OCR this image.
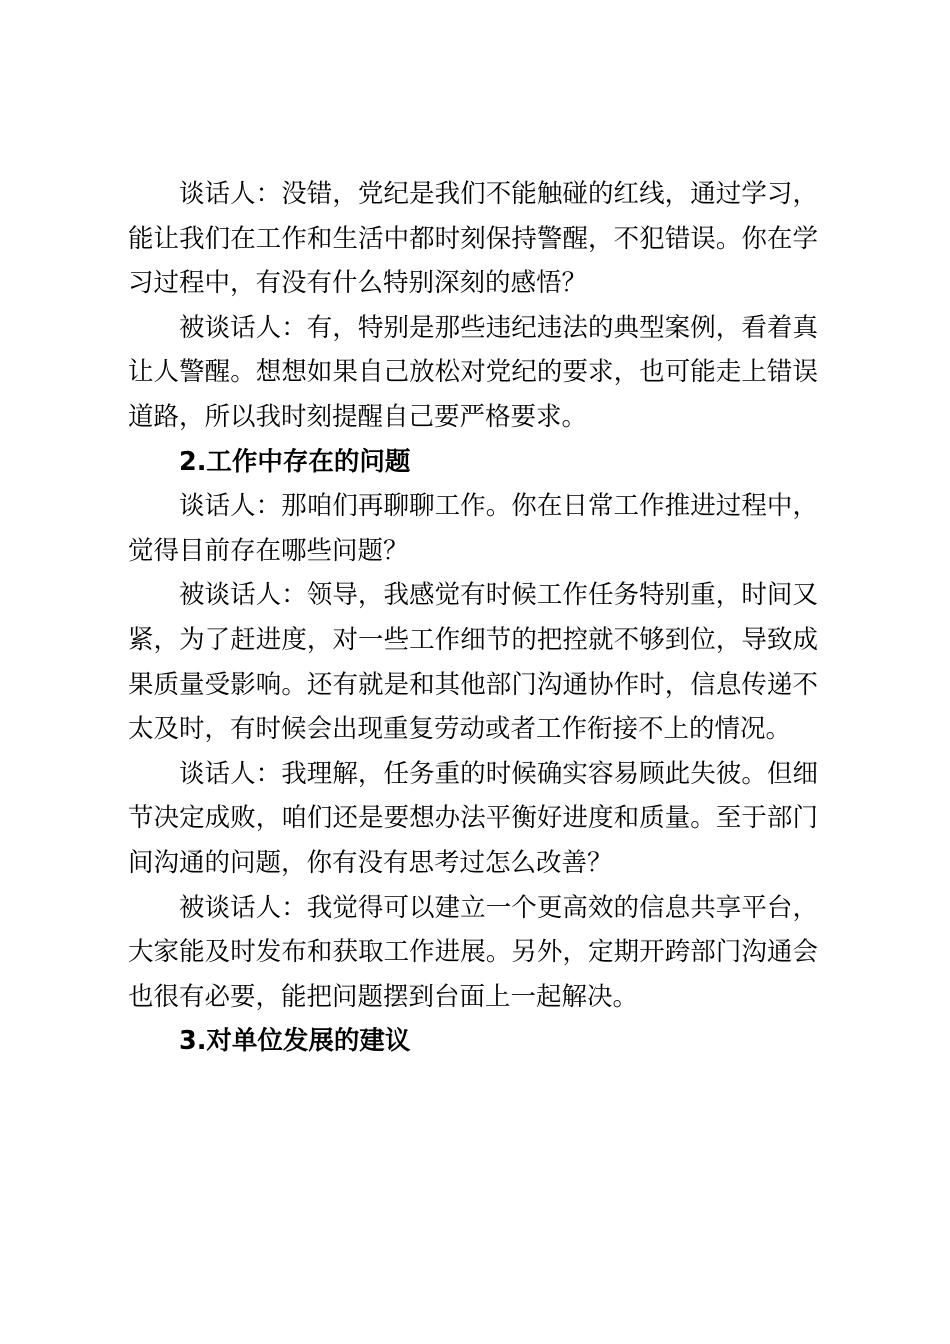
谈话人：没错，党纪是我们不能触碰的红线，通过学习，能让我们在工作和生活中都时刻保持警醒，不犯错误。你在学习过程中，有没有什么特别深刻的感悟？

被谈话人：有，特别是那些违纪违法的典型案例，看着真让人警醒。想想如果自己放松对党纪的要求，也可能走上错误道路，所以我时刻提醒自己要严格要求。

2.工作中存在的问题

谈话人：那咱们再聊聊工作。你在日常工作推进过程中，觉得目前存在哪些问题？

被谈话人：领导，我感觉有时候工作任务特别重，时间又紧，为了赶进度，对一些工作细节的把控就不够到位，导致成果质量受影响。还有就是和其他部门沟通协作时，信息传递不太及时，有时候会出现重复劳动或者工作衔接不上的情况。

谈话人：我理解，任务重的时候确实容易顾此失彼。但细节决定成败，咱们还是要想办法平衡好进度和质量。至于部门间沟通的问题，你有没有思考过怎么改善？

被谈话人：我觉得可以建立一个更高效的信息共享平台，大家能及时发布和获取工作进展。另外，定期开跨部门沟通会也很有必要，能把问题摆到台面上一起解决。

3.对单位发展的建议
